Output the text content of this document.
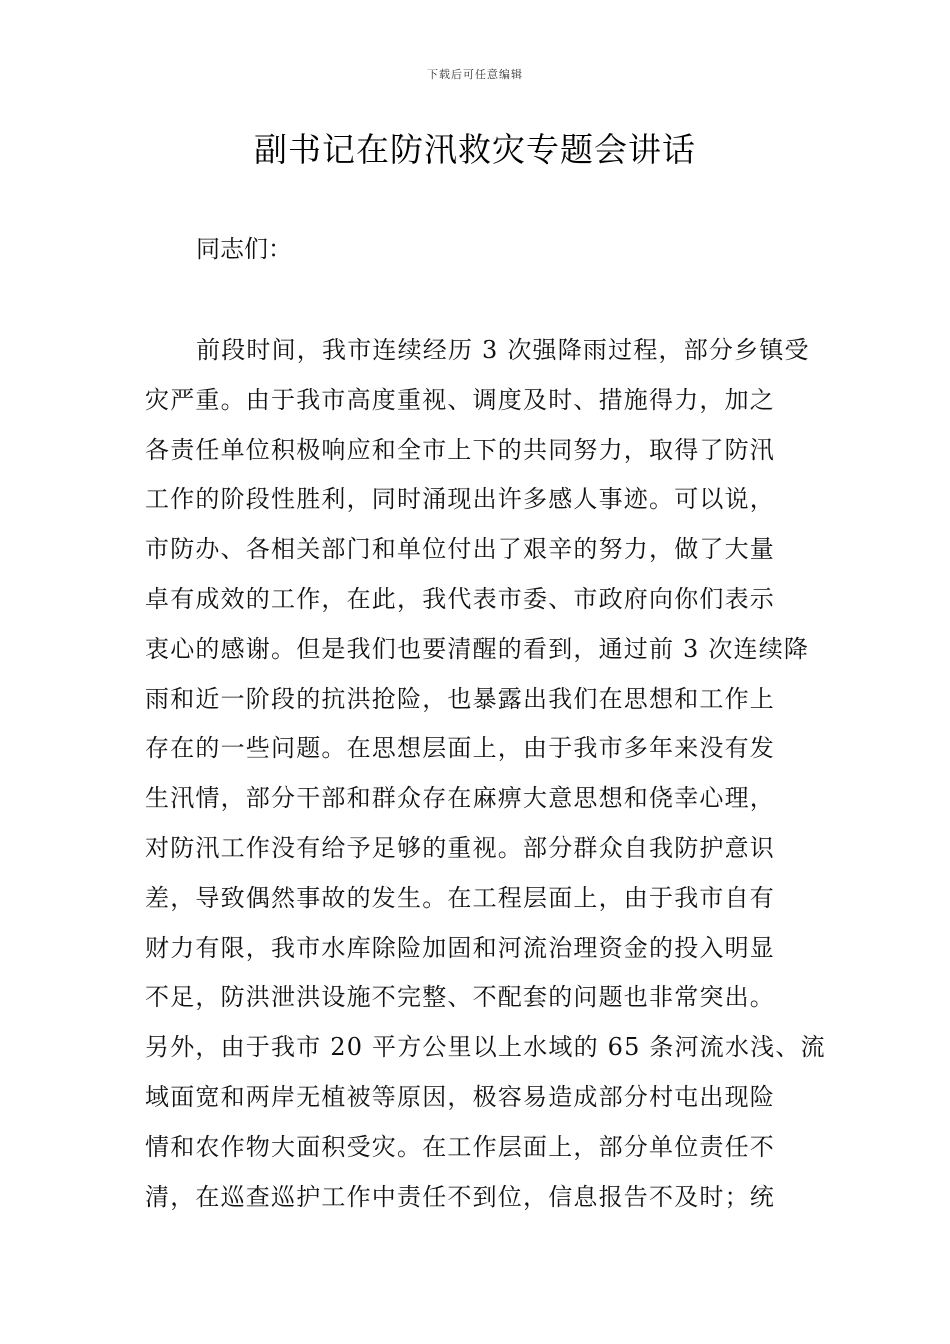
下载后可任意编辑
副书记在防汛救灾专题会讲话
同志们：
前段时间，我市连续经历 3 次强降雨过程，部分乡镇受
灾严重。由于我市高度重视、调度及时、措施得力，加之
各责任单位积极响应和全市上下的共同努力，取得了防汛
工作的阶段性胜利，同时涌现出许多感人事迹。可以说，
市防办、各相关部门和单位付出了艰辛的努力，做了大量
卓有成效的工作，在此，我代表市委、市政府向你们表示
衷心的感谢。但是我们也要清醒的看到，通过前 3 次连续降
雨和近一阶段的抗洪抢险，也暴露出我们在思想和工作上
存在的一些问题。在思想层面上，由于我市多年来没有发
生汛情，部分干部和群众存在麻痹大意思想和侥幸心理，
对防汛工作没有给予足够的重视。部分群众自我防护意识
差，导致偶然事故的发生。在工程层面上，由于我市自有
财力有限，我市水库除险加固和河流治理资金的投入明显
不足，防洪泄洪设施不完整、不配套的问题也非常突出。
另外，由于我市 20 平方公里以上水域的 65 条河流水浅、流
域面宽和两岸无植被等原因，极容易造成部分村屯出现险
情和农作物大面积受灾。在工作层面上，部分单位责任不
清，在巡查巡护工作中责任不到位，信息报告不及时；统
